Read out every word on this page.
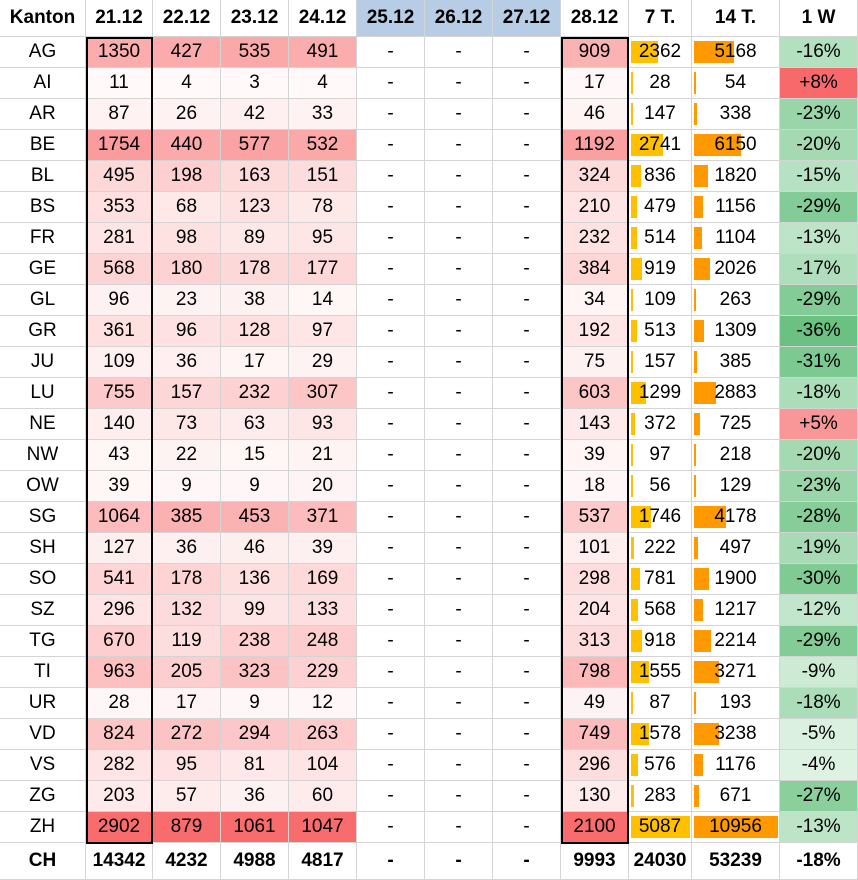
Kanton 21.12 22.12 23.12 24.12 25.12 26.12 27.12 28.12 7 T. 14 T. 1 W
AG 1350 427 535 491	-	-	-	909 2362 5168 -16%
AI	11	4	3	4	-	-	-	17 28	54	+8%
AR	87 26 42 33	-	-	-	46 147 338 -23%
BE 1754 440 577 532	-	-	- 1192 2741 6150 -20%
BL	495 198 163 151	-	-	-	324 836 1820 -15%
BS	353 68 123 78	-	-	-	210 479 1156 -29%
FR	281 98 89 95	-	-	-	232 514 1104 -13%
GE 568 180 178 177	-	-	-	384 919 2026 -17%
GL	96 23 38 14	-	-	-	34 109 263 -29%
GR 361 96 128 97	-	-	-	192 513 1309 -36%
JU	109 36 17 29	-	-	-	75 157 385 -31%
LU	755 157 232 307	-	-	-	603 1299 2883 -18%
NE 140 73 63 93	-	-	-	143 372 725	+5%
NW	43 22 15 21	-	-	-	39 97	218 -20%
OW	39	9	9	20	-	-	-	18 56	129 -23%
SG 1064 385 453 371	-	-	-	537 1746 4178 -28%
SH 127 36 46 39	-	-	-	101 222 497 -19%
SO 541 178 136 169	-	-	-	298 781 1900 -30%
SZ	296 132 99 133	-	-	-	204 568 1217 -12%
TG 670 119 238 248	-	-	-	313 918 2214 -29%
TI	963 205 323 229	-	-	-	798 1555 3271 -9%
UR	28 17	9	12	-	-	-	49 87	193 -18%
VD 824 272 294 263	-	-	-	749 1578 3238 -5%
VS	282 95 81 104	-	-	-	296 576 1176 -4%
ZG 203 57 36 60	-	-	-	130 283 671 -27%
ZH 2902 879 1061 1047 -	-	- 2100 5087 10956 -13%
CH 14342 4232 4988 4817 -	-	- 9993 24030 53239 -18%
